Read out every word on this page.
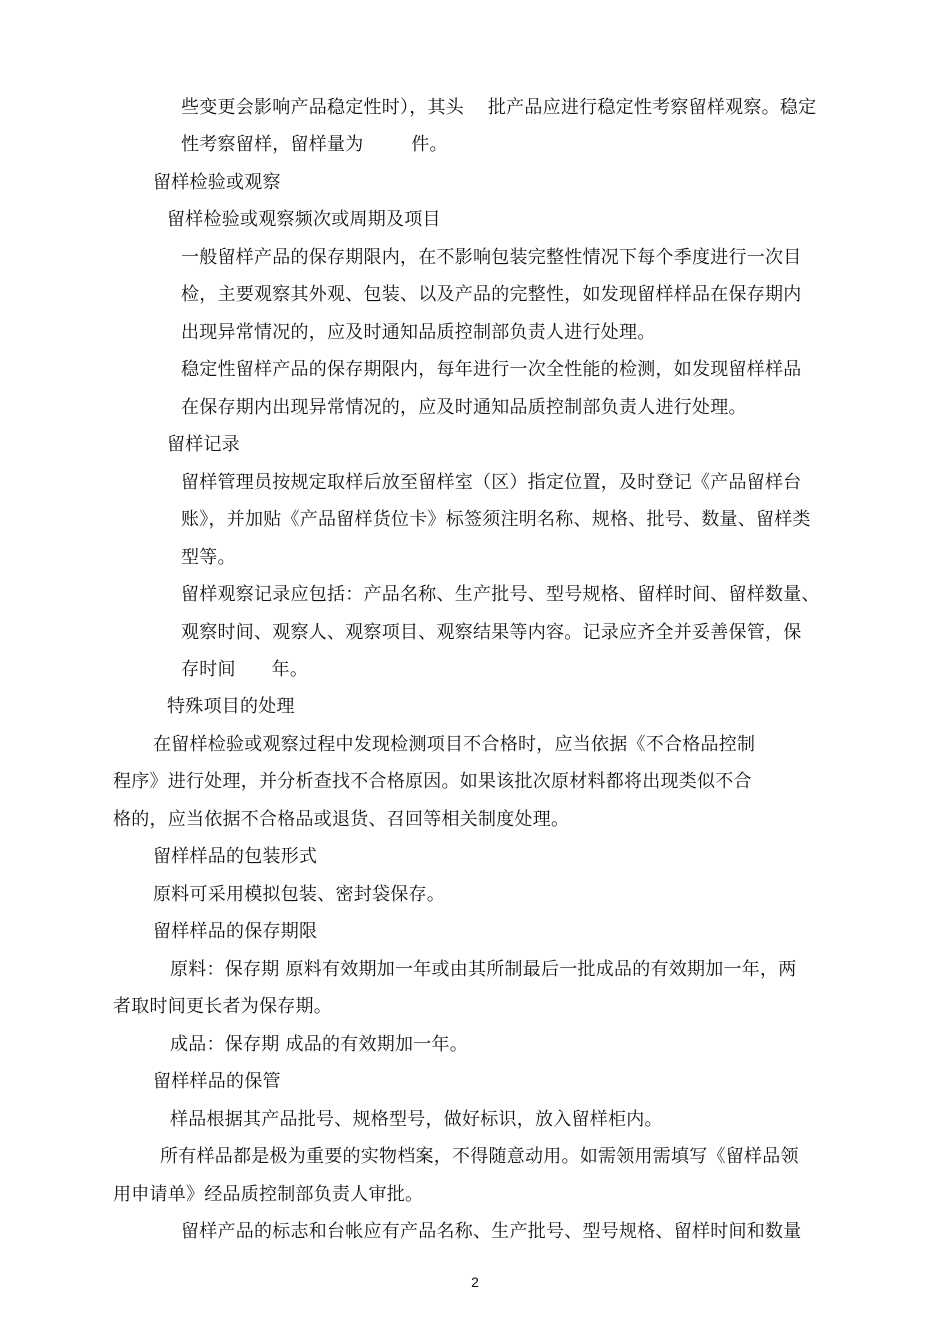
些变更会影响产品稳定性时），其头    批产品应进行稳定性考察留样观察。稳定

性考察留样，留样量为        件。

留样检验或观察

留样检验或观察频次或周期及项目

一般留样产品的保存期限内，在不影响包装完整性情况下每个季度进行一次目

检，主要观察其外观、包装、以及产品的完整性，如发现留样样品在保存期内

出现异常情况的，应及时通知品质控制部负责人进行处理。

稳定性留样产品的保存期限内，每年进行一次全性能的检测，如发现留样样品

在保存期内出现异常情况的，应及时通知品质控制部负责人进行处理。

留样记录

留样管理员按规定取样后放至留样室（区）指定位置，及时登记《产品留样台

账》，并加贴《产品留样货位卡》标签须注明名称、规格、批号、数量、留样类

型等。

留样观察记录应包括：产品名称、生产批号、型号规格、留样时间、留样数量、

观察时间、观察人、观察项目、观察结果等内容。记录应齐全并妥善保管，保

存时间      年。

特殊项目的处理

在留样检验或观察过程中发现检测项目不合格时，应当依据《不合格品控制

程序》进行处理，并分析查找不合格原因。如果该批次原材料都将出现类似不合

格的，应当依据不合格品或退货、召回等相关制度处理。

留样样品的包装形式

原料可采用模拟包装、密封袋保存。

留样样品的保存期限

原料：保存期 原料有效期加一年或由其所制最后一批成品的有效期加一年，两

者取时间更长者为保存期。

成品：保存期 成品的有效期加一年。

留样样品的保管

样品根据其产品批号、规格型号，做好标识，放入留样柜内。

所有样品都是极为重要的实物档案，不得随意动用。如需领用需填写《留样品领

用申请单》经品质控制部负责人审批。

留样产品的标志和台帐应有产品名称、生产批号、型号规格、留样时间和数量

2
